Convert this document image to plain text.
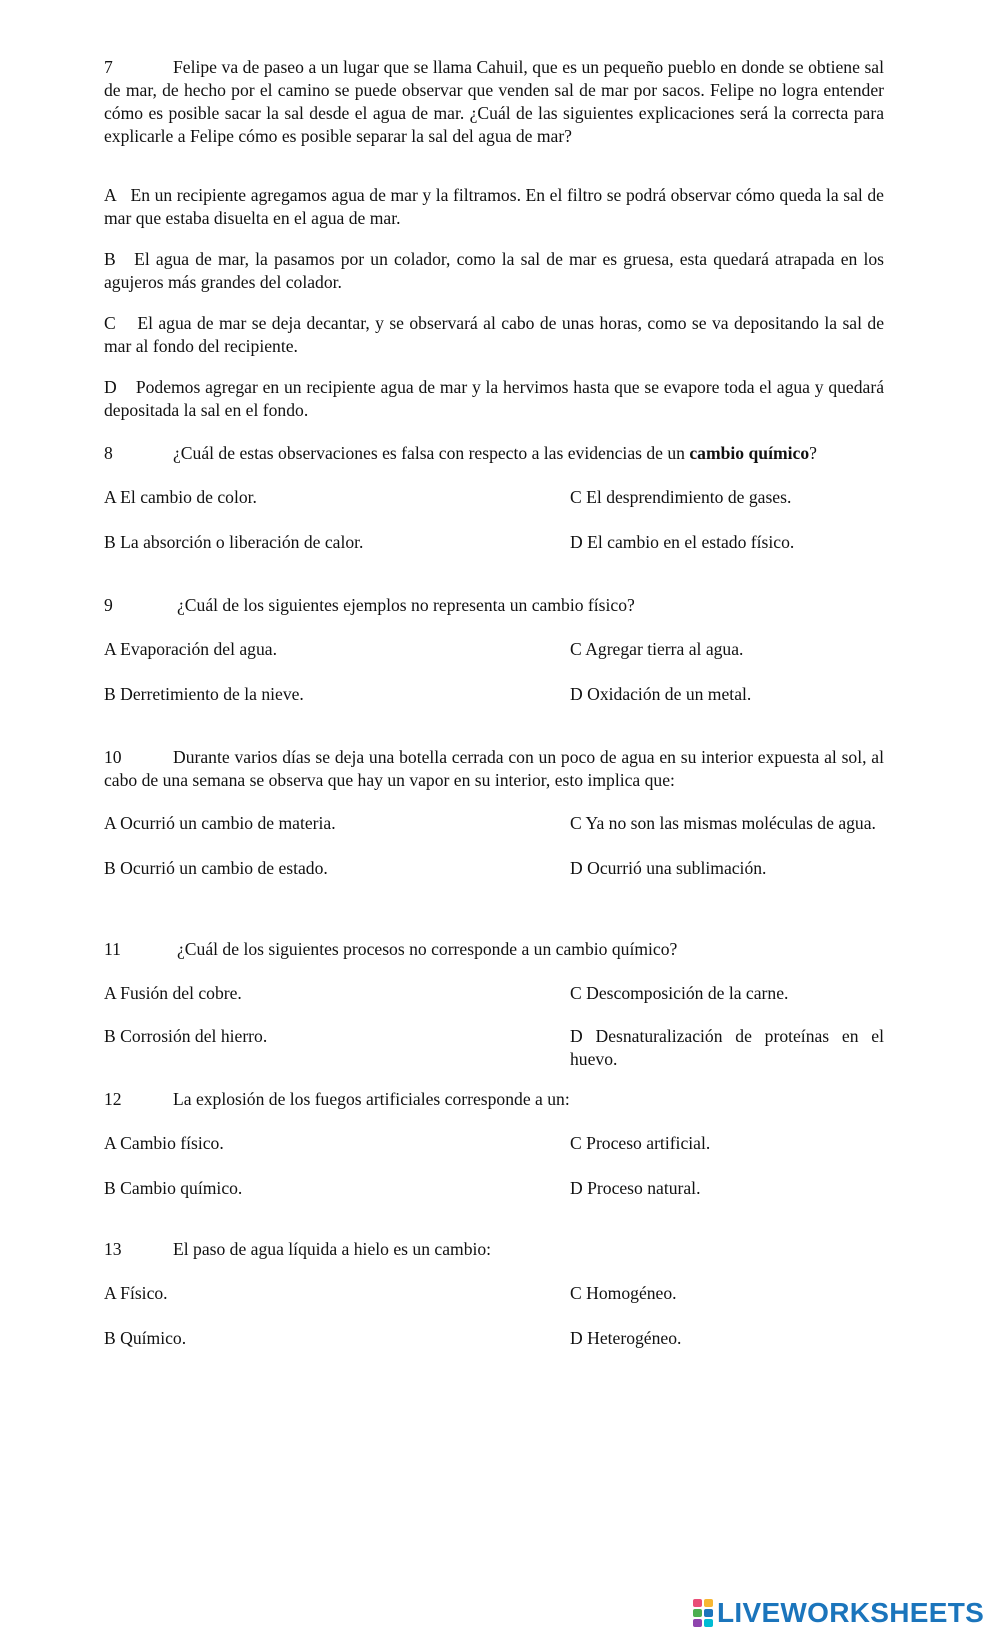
7	Felipe va de paseo a un lugar que se llama Cahuil, que es un pequeño pueblo en donde se obtiene sal de mar, de hecho por el camino se puede observar que venden sal de mar por sacos. Felipe no logra entender cómo es posible sacar la sal desde el agua de mar. ¿Cuál de las siguientes explicaciones será la correcta para explicarle a Felipe cómo es posible separar la sal del agua de mar?

A En un recipiente agregamos agua de mar y la filtramos. En el filtro se podrá observar cómo queda la sal de mar que estaba disuelta en el agua de mar.

B El agua de mar, la pasamos por un colador, como la sal de mar es gruesa, esta quedará atrapada en los agujeros más grandes del colador.

C El agua de mar se deja decantar, y se observará al cabo de unas horas, como se va depositando la sal de mar al fondo del recipiente.

D Podemos agregar en un recipiente agua de mar y la hervimos hasta que se evapore toda el agua y quedará depositada la sal en el fondo.

8	¿Cuál de estas observaciones es falsa con respecto a las evidencias de un cambio químico?

A El cambio de color.	C El desprendimiento de gases.
B La absorción o liberación de calor.	D El cambio en el estado físico.

9	¿Cuál de los siguientes ejemplos no representa un cambio físico?

A Evaporación del agua.	C Agregar tierra al agua.
B Derretimiento de la nieve.	D Oxidación de un metal.

10	Durante varios días se deja una botella cerrada con un poco de agua en su interior expuesta al sol, al cabo de una semana se observa que hay un vapor en su interior, esto implica que:

A Ocurrió un cambio de materia.	C Ya no son las mismas moléculas de agua.
B Ocurrió un cambio de estado.	D Ocurrió una sublimación.

11	¿Cuál de los siguientes procesos no corresponde a un cambio químico?

A Fusión del cobre.	C Descomposición de la carne.
B Corrosión del hierro.	D Desnaturalización de proteínas en el huevo.

12	La explosión de los fuegos artificiales corresponde a un:

A Cambio físico.	C Proceso artificial.
B Cambio químico.	D Proceso natural.

13	El paso de agua líquida a hielo es un cambio:

A Físico.	C Homogéneo.
B Químico.	D Heterogéneo.
LIVEWORKSHEETS
